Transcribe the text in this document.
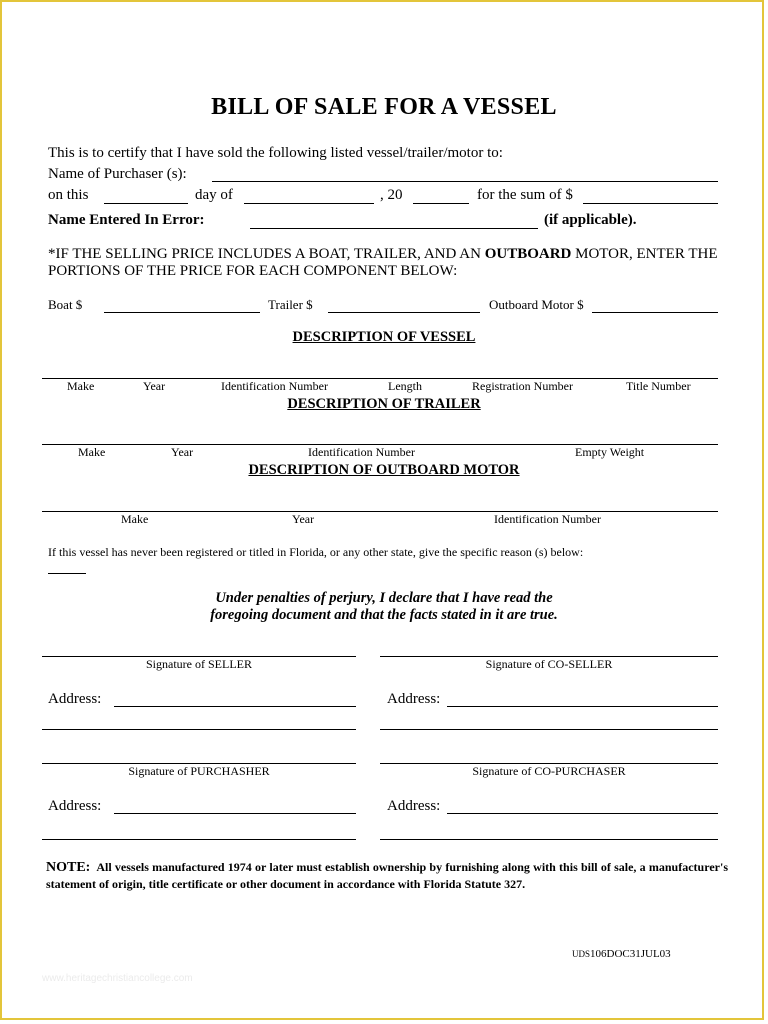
BILL OF SALE FOR A VESSEL
This is to certify that I have sold the following listed vessel/trailer/motor to:
Name of Purchaser (s):
on this	day of	, 20	for the sum of $
Name Entered In Error:	(if applicable).
*IF THE SELLING PRICE INCLUDES A BOAT, TRAILER, AND AN OUTBOARD MOTOR, ENTER THE PORTIONS OF THE PRICE FOR EACH COMPONENT BELOW:
Boat $	Trailer $	Outboard Motor $
DESCRIPTION OF VESSEL
Make	Year	Identification Number	Length	Registration Number	Title Number
DESCRIPTION OF TRAILER
Make	Year	Identification Number	Empty Weight
DESCRIPTION OF OUTBOARD MOTOR
Make	Year	Identification Number
If this vessel has never been registered or titled in Florida, or any other state, give the specific reason (s) below:
Under penalties of perjury, I declare that I have read the
foregoing document and that the facts stated in it are true.
Signature of SELLER	Signature of CO-SELLER
Address:	Address:
Signature of PURCHASHER	Signature of CO-PURCHASER
Address:	Address:
NOTE: All vessels manufactured 1974 or later must establish ownership by furnishing along with this bill of sale, a manufacturer's statement of origin, title certificate or other document in accordance with Florida Statute 327.
UDS106DOC31JUL03
www.heritagechristiancollege.com
